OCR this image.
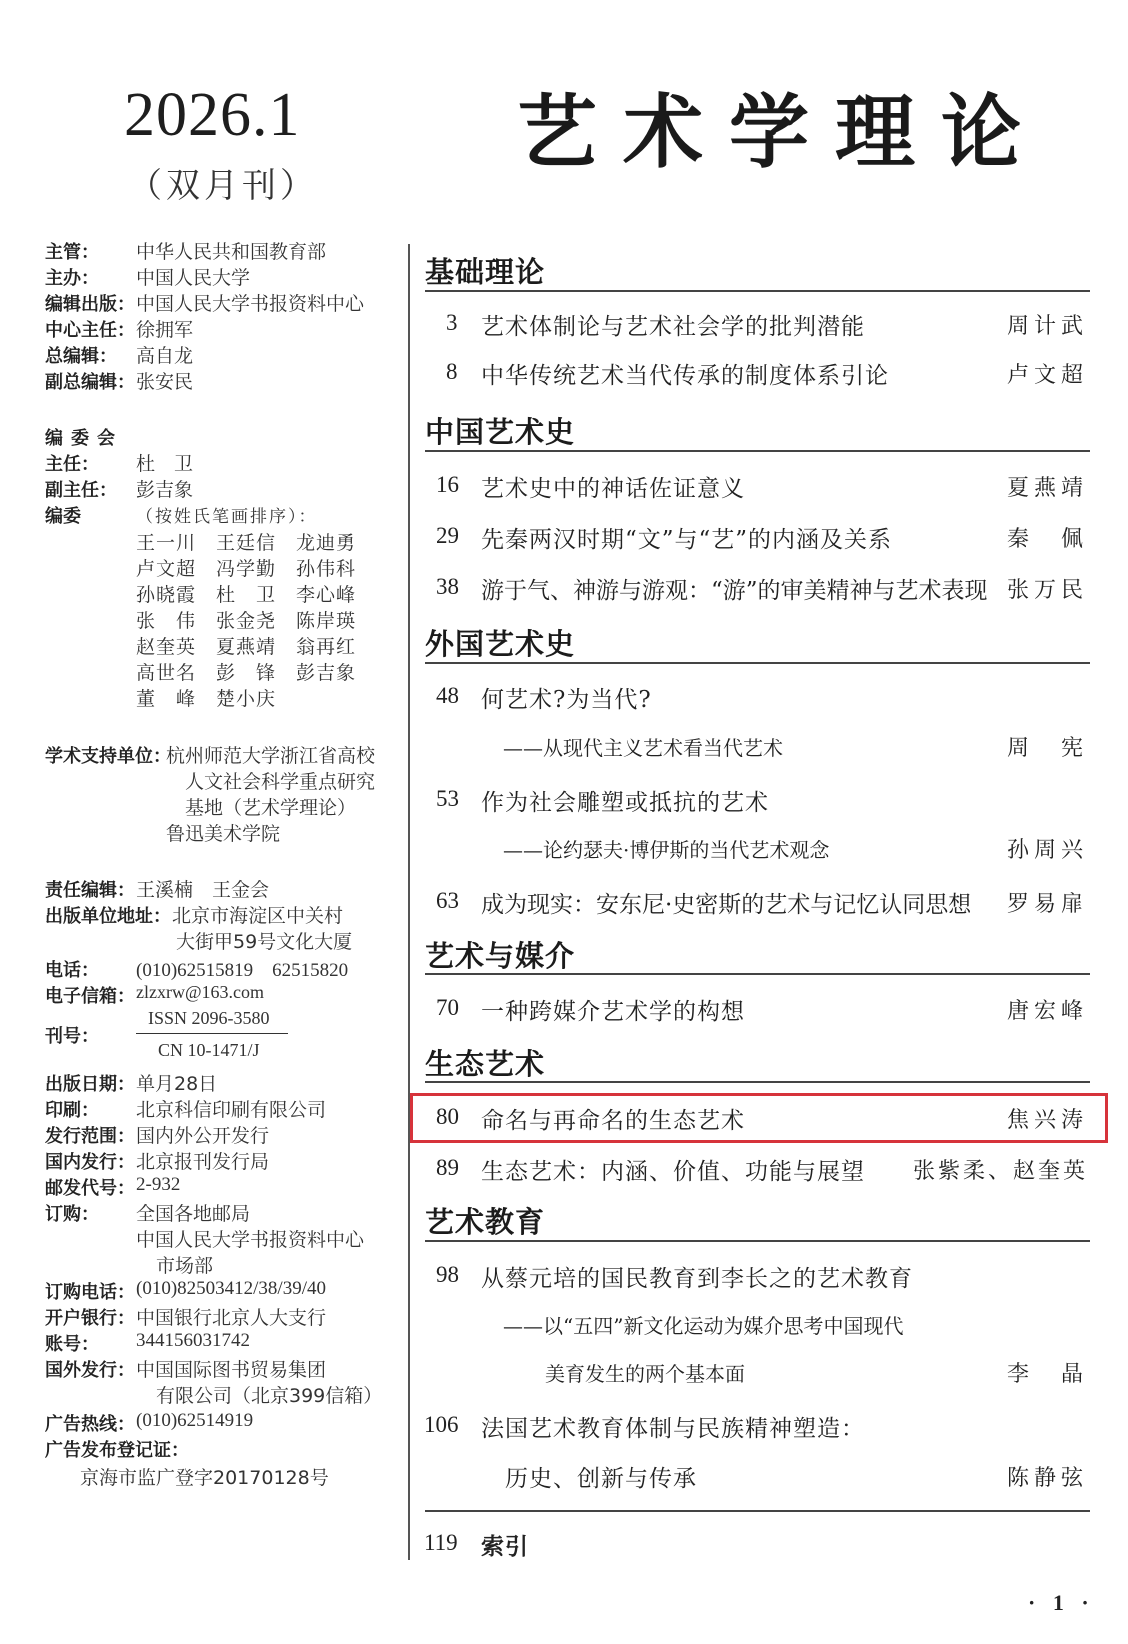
2026.1
（双月刊）
艺术学理论
主管：	中华人民共和国教育部
主办：	中国人民大学
编辑出版： 中国人民大学书报资料中心
中心主任： 徐拥军
总编辑：	高自龙
副总编辑： 张安民
编委会
主任：	杜　卫
副主任：	彭吉象
编委	（按姓氏笔画排序）：
王一川　王廷信　龙迪勇
卢文超　冯学勤　孙伟科
孙晓霞　杜　卫　李心峰
张　伟　张金尧　陈岸瑛
赵奎英　夏燕靖　翁再红
高世名　彭　锋　彭吉象
董　峰　楚小庆
学术支持单位：
杭州师范大学浙江省高校
人文社会科学重点研究
基地（艺术学理论）
鲁迅美术学院
责任编辑： 王溪楠　王金会
出版单位地址： 北京市海淀区中关村
大街甲59号文化大厦
电话：	(010)62515819　62515820
电子信箱： zlzxrw@163.com
刊号：
ISSN 2096-3580
CN 10-1471/J
出版日期： 单月28日
印刷：	北京科信印刷有限公司
发行范围： 国内外公开发行
国内发行： 北京报刊发行局
邮发代号： 2-932
订购：	全国各地邮局
中国人民大学书报资料中心
市场部
订购电话： (010)82503412/38/39/40
开户银行： 中国银行北京人大支行
账号：	344156031742
国外发行： 中国国际图书贸易集团
有限公司（北京399信箱）
广告热线： (010)62514919
广告发布登记证：
京海市监广登字20170128号
基础理论
3 艺术体制论与艺术社会学的批判潜能	周计武
8 中华传统艺术当代传承的制度体系引论	卢文超
中国艺术史
16 艺术史中的神话佐证意义	夏燕靖
29 先秦两汉时期“文”与“艺”的内涵及关系	秦　佩
38 游于气、神游与游观：“游”的审美精神与艺术表现 张万民
外国艺术史
48 何艺术?为当代?
——从现代主义艺术看当代艺术	周　宪
53 作为社会雕塑或抵抗的艺术
——论约瑟夫·博伊斯的当代艺术观念	孙周兴
63 成为现实：安东尼·史密斯的艺术与记忆认同思想 罗易扉
艺术与媒介
70 一种跨媒介艺术学的构想	唐宏峰
生态艺术
80 命名与再命名的生态艺术	焦兴涛
89 生态艺术：内涵、价值、功能与展望 张紫柔、赵奎英
艺术教育
98 从蔡元培的国民教育到李长之的艺术教育
——以“五四”新文化运动为媒介思考中国现代
美育发生的两个基本面	李　晶
106 法国艺术教育体制与民族精神塑造：
历史、创新与传承	陈静弦
119 索引
· 1 ·
